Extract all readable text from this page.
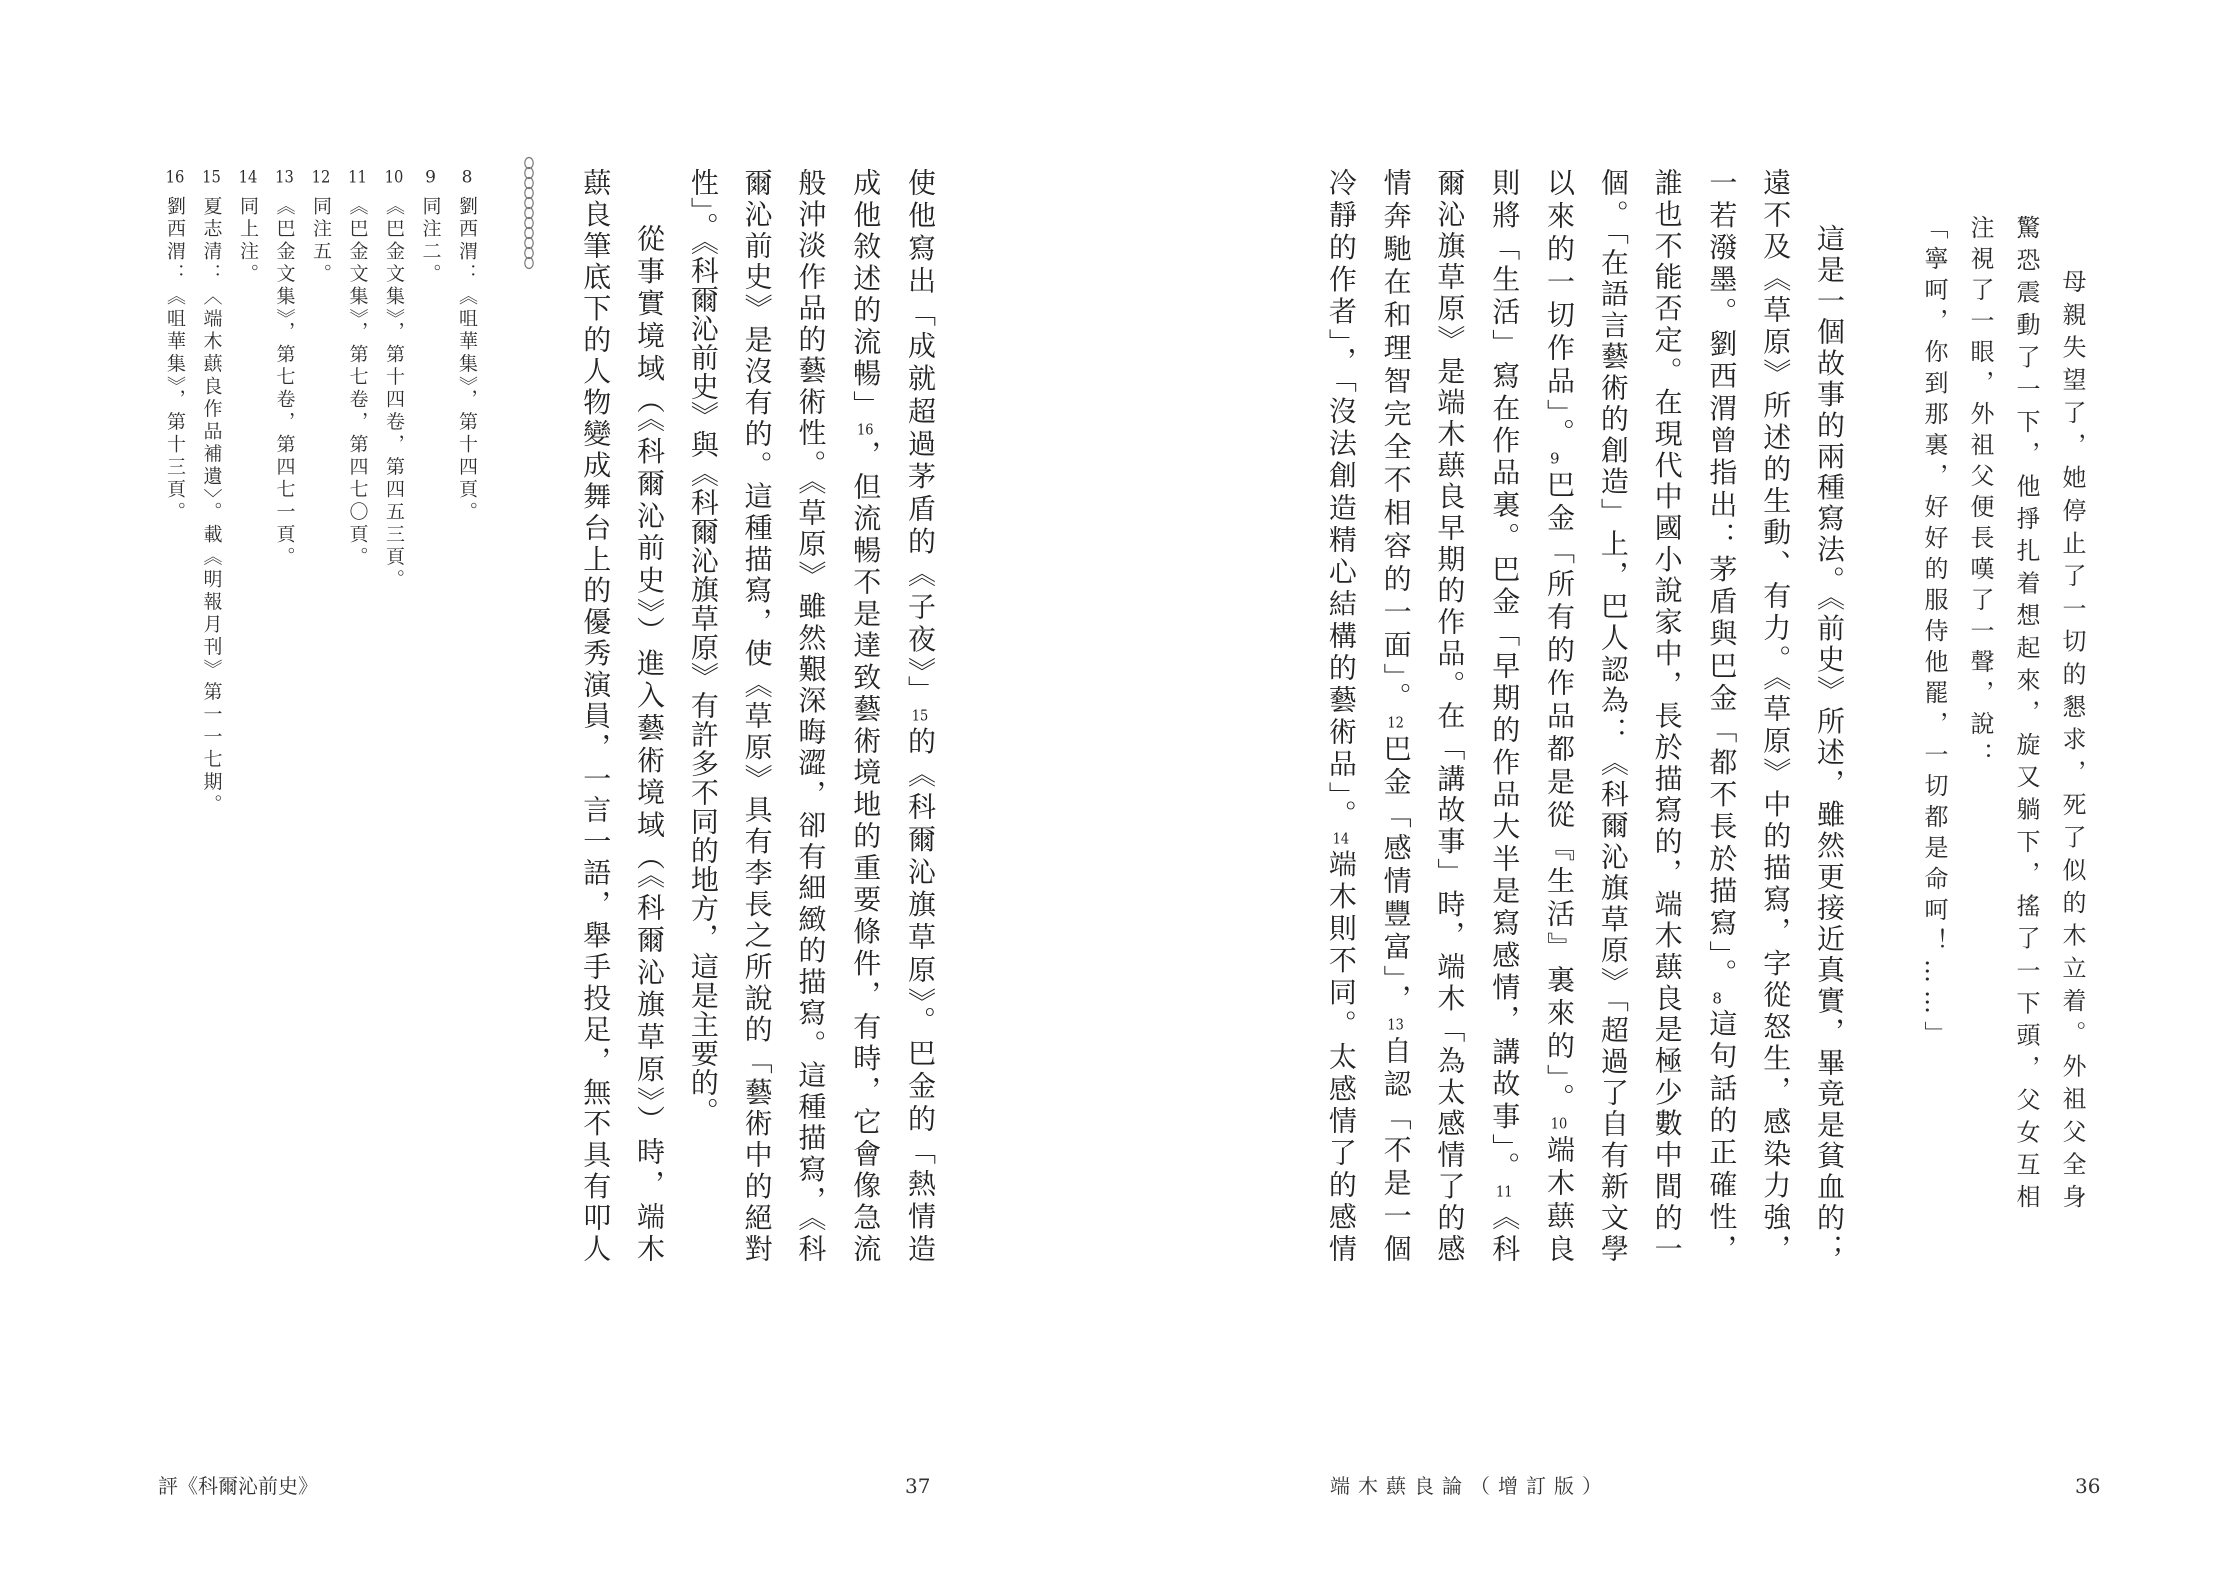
母親失望了，她停止了一切的懇求，死了似的木立着。外祖父全身
驚恐震動了一下，他掙扎着想起來，旋又躺下，搖了一下頭，父女互相
注視了一眼，外祖父便長嘆了一聲，說：
「寧呵，你到那裏，好好的服侍他罷，一切都是命呵！……」
這是一個故事的兩種寫法。《前史》所述，雖然更接近真實，畢竟是貧血的；
遠不及《草原》所述的生動、有力。《草原》中的描寫，字從怒生，感染力強，
一若潑墨。劉西渭曾指出：茅盾與巴金「都不長於描寫」。8這句話的正確性，
誰也不能否定。在現代中國小說家中，長於描寫的，端木蕻良是極少數中間的一
個。「在語言藝術的創造」上，巴人認為：《科爾沁旗草原》「超過了自有新文學
以來的一切作品」。9巴金「所有的作品都是從『生活』裏來的」。10端木蕻良
則將「生活」寫在作品裏。巴金「早期的作品大半是寫感情，講故事」。11《科
爾沁旗草原》是端木蕻良早期的作品。在「講故事」時，端木「為太感情了的感
情奔馳在和理智完全不相容的一面」。12巴金「感情豐富」，13自認「不是一個
冷靜的作者」，「沒法創造精心結構的藝術品」。14端木則不同。太感情了的感情
使他寫出「成就超過茅盾的《子夜》」15的《科爾沁旗草原》。巴金的「熱情造
成他敘述的流暢」16，但流暢不是達致藝術境地的重要條件，有時，它會像急流
般沖淡作品的藝術性。《草原》雖然艱深晦澀，卻有細緻的描寫。這種描寫，《科
爾沁前史》是沒有的。這種描寫，使《草原》具有李長之所說的「藝術中的絕對
性」。《科爾沁前史》與《科爾沁旗草原》有許多不同的地方，這是主要的。
從事實境域（《科爾沁前史》）進入藝術境域（《科爾沁旗草原》）時，端木
蕻良筆底下的人物變成舞台上的優秀演員，一言一語，舉手投足，無不具有叩人
8劉西渭：《咀華集》，第十四頁。
9同注二。
10《巴金文集》，第十四卷，第四五三頁。
11《巴金文集》，第七卷，第四七〇頁。
12同注五。
13《巴金文集》，第七卷，第四七一頁。
14同上注。
15夏志清：〈端木蕻良作品補遺〉。載《明報月刊》第一一七期。
16劉西渭：《咀華集》，第十三頁。
評《科爾沁前史》	37	端木蕻良論（增訂版）	36
